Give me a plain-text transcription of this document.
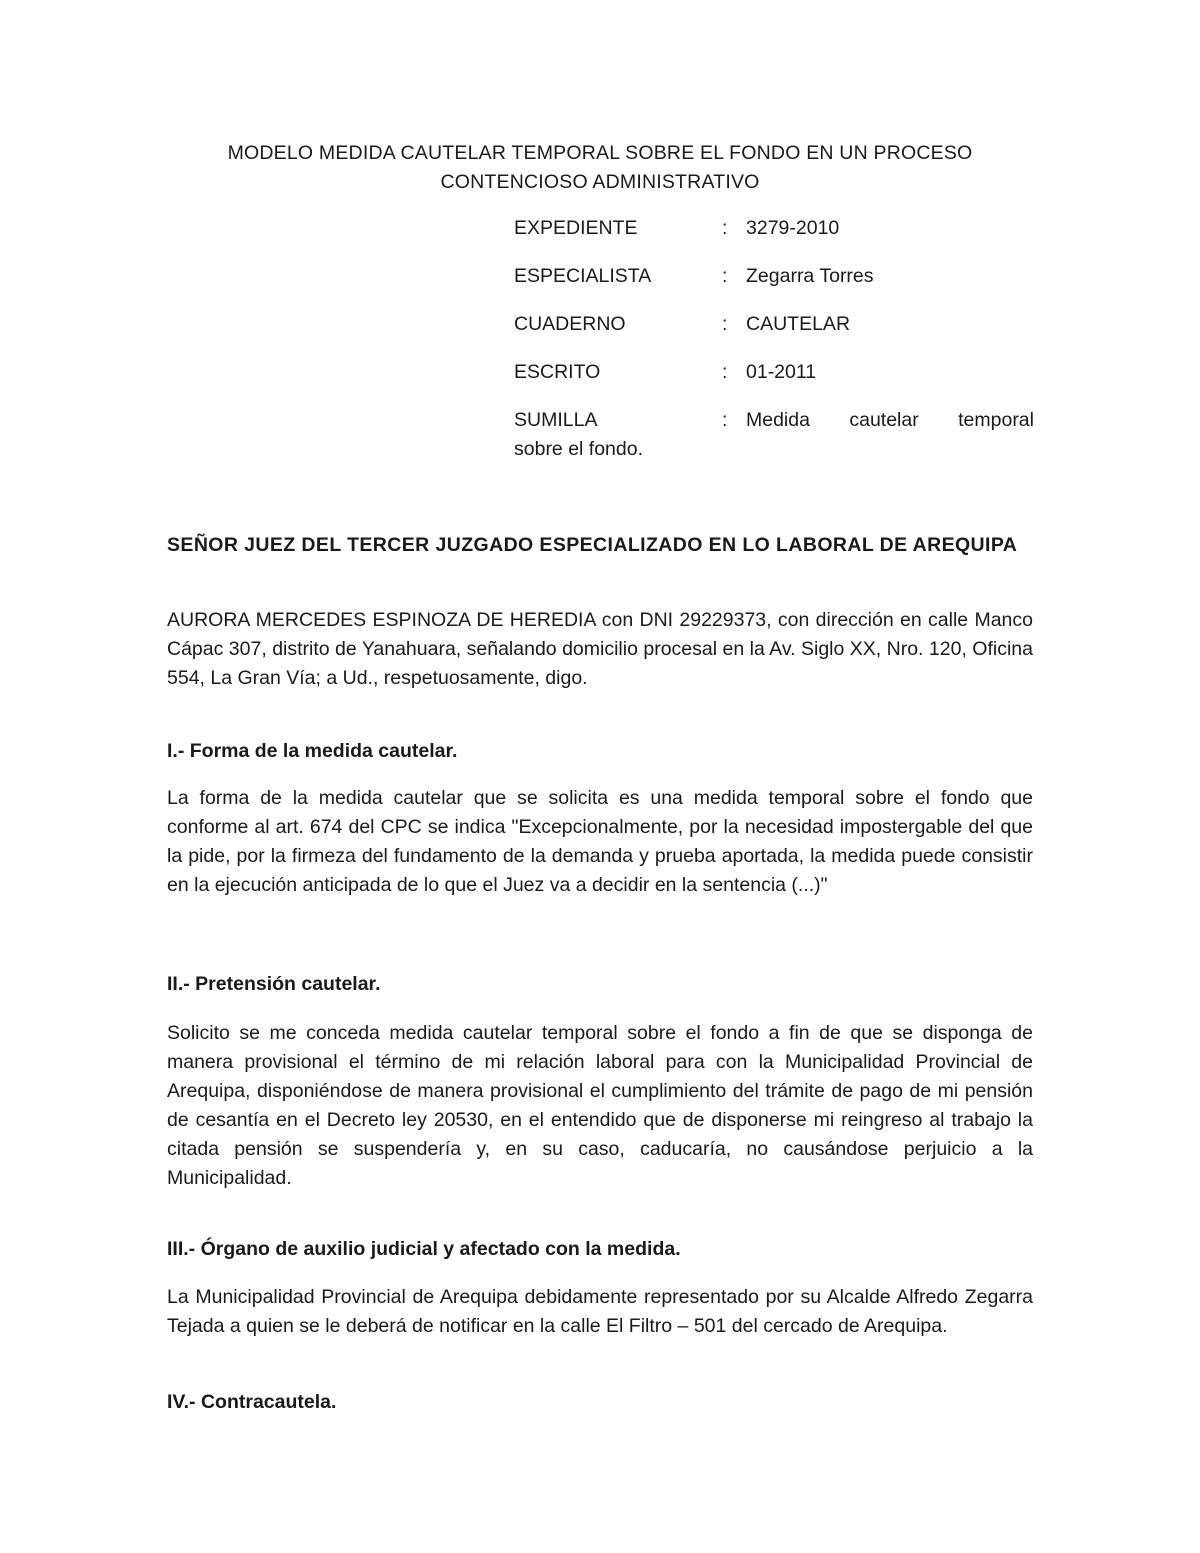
MODELO MEDIDA CAUTELAR TEMPORAL SOBRE EL FONDO EN UN PROCESO
CONTENCIOSO ADMINISTRATIVO
EXPEDIENTE	: 3279-2010
ESPECIALISTA	: Zegarra Torres
CUADERNO	: CAUTELAR
ESCRITO	: 01-2011
SUMILLA	: Medida cautelar temporal
sobre el fondo.
SEÑOR JUEZ DEL TERCER JUZGADO ESPECIALIZADO EN LO LABORAL DE AREQUIPA
AURORA MERCEDES ESPINOZA DE HEREDIA con DNI 29229373, con dirección en calle Manco Cápac 307, distrito de Yanahuara, señalando domicilio procesal en la Av. Siglo XX, Nro. 120, Oficina 554, La Gran Vía; a Ud., respetuosamente, digo.
I.- Forma de la medida cautelar.
La forma de la medida cautelar que se solicita es una medida temporal sobre el fondo que conforme al art. 674 del CPC se indica "Excepcionalmente, por la necesidad impostergable del que la pide, por la firmeza del fundamento de la demanda y prueba aportada, la medida puede consistir en la ejecución anticipada de lo que el Juez va a decidir en la sentencia (...)"
II.- Pretensión cautelar.
Solicito se me conceda medida cautelar temporal sobre el fondo a fin de que se disponga de manera provisional el término de mi relación laboral para con la Municipalidad Provincial de Arequipa, disponiéndose de manera provisional el cumplimiento del trámite de pago de mi pensión de cesantía en el Decreto ley 20530, en el entendido que de disponerse mi reingreso al trabajo la citada pensión se suspendería y, en su caso, caducaría, no causándose perjuicio a la Municipalidad.
III.- Órgano de auxilio judicial y afectado con la medida.
La Municipalidad Provincial de Arequipa debidamente representado por su Alcalde Alfredo Zegarra Tejada a quien se le deberá de notificar en la calle El Filtro – 501 del cercado de Arequipa.
IV.- Contracautela.
